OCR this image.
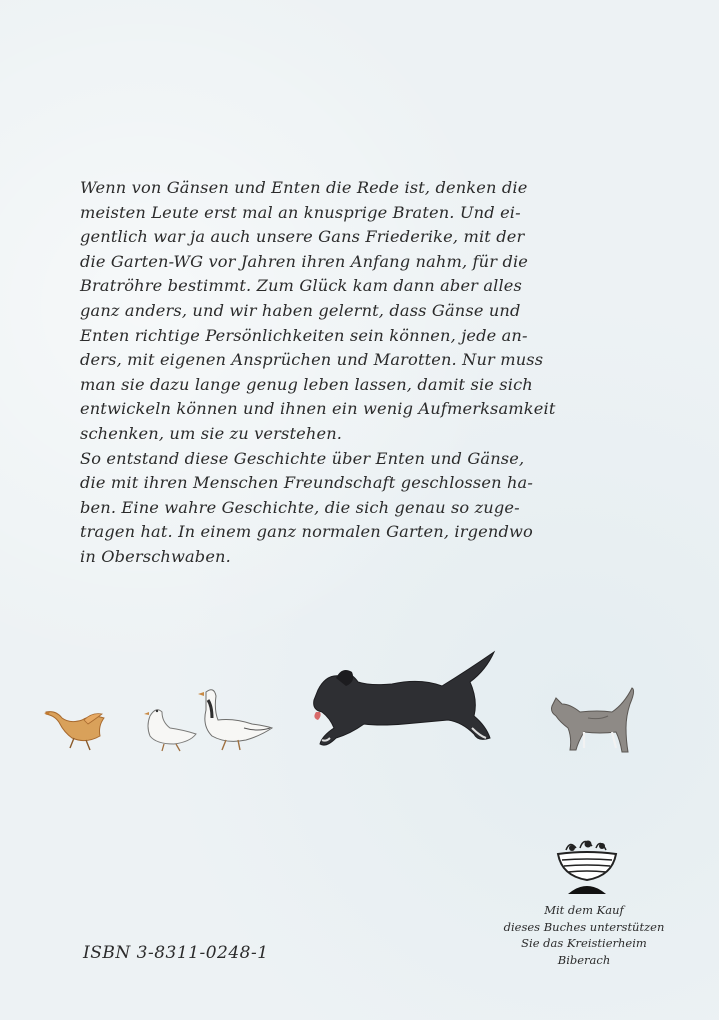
Wenn von Gänsen und Enten die Rede ist, denken die

meisten Leute erst mal an knusprige Braten. Und ei-

gentlich war ja auch unsere Gans Friederike, mit der

die Garten-WG vor Jahren ihren Anfang nahm, für die

Bratröhre bestimmt. Zum Glück kam dann aber alles

ganz anders, und wir haben gelernt, dass Gänse und

Enten richtige Persönlichkeiten sein können, jede an-

ders, mit eigenen Ansprüchen und Marotten. Nur muss

man sie dazu lange genug leben lassen, damit sie sich

entwickeln können und ihnen ein wenig Aufmerksamkeit

schenken, um sie zu verstehen.

So entstand diese Geschichte über Enten und Gänse,

die mit ihren Menschen Freundschaft geschlossen ha-

ben. Eine wahre Geschichte, die sich genau so zuge-

tragen hat. In einem ganz normalen Garten, irgendwo

in Oberschwaben.

Mit dem Kauf
dieses Buches unterstützen
Sie das Kreistierheim
Biberach
ISBN 3-8311-0248-1
